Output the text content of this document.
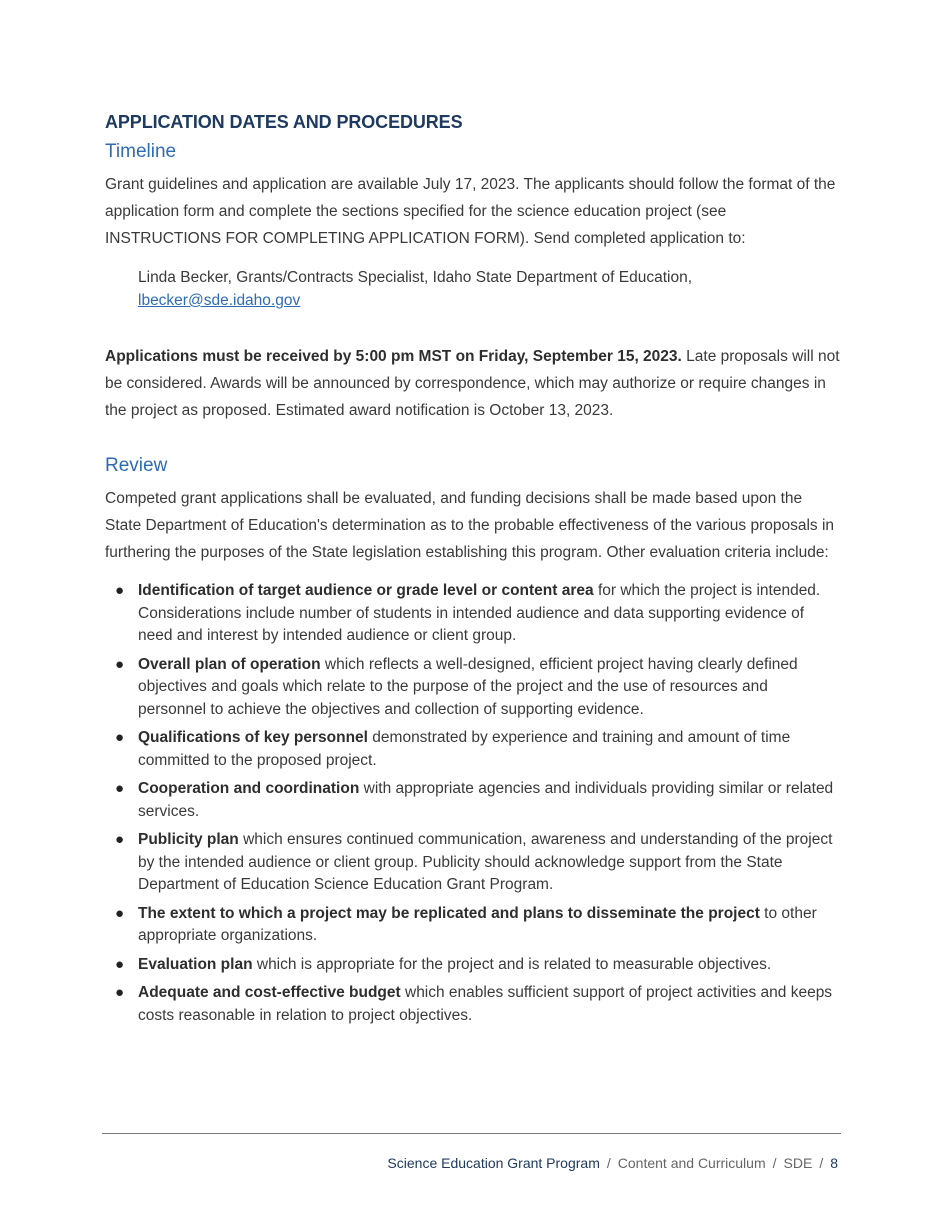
APPLICATION DATES AND PROCEDURES
Timeline

Grant guidelines and application are available July 17, 2023. The applicants should follow the format of the application form and complete the sections specified for the science education project (see INSTRUCTIONS FOR COMPLETING APPLICATION FORM). Send completed application to:

Linda Becker, Grants/Contracts Specialist, Idaho State Department of Education,
lbecker@sde.idaho.gov

Applications must be received by 5:00 pm MST on Friday, September 15, 2023. Late proposals will not be considered. Awards will be announced by correspondence, which may authorize or require changes in the project as proposed. Estimated award notification is October 13, 2023.

Review

Competed grant applications shall be evaluated, and funding decisions shall be made based upon the State Department of Education's determination as to the probable effectiveness of the various proposals in furthering the purposes of the State legislation establishing this program. Other evaluation criteria include:

● Identification of target audience or grade level or content area for which the project is intended. Considerations include number of students in intended audience and data supporting evidence of need and interest by intended audience or client group.
● Overall plan of operation which reflects a well-designed, efficient project having clearly defined objectives and goals which relate to the purpose of the project and the use of resources and personnel to achieve the objectives and collection of supporting evidence.
● Qualifications of key personnel demonstrated by experience and training and amount of time committed to the proposed project.
● Cooperation and coordination with appropriate agencies and individuals providing similar or related services.
● Publicity plan which ensures continued communication, awareness and understanding of the project by the intended audience or client group. Publicity should acknowledge support from the State Department of Education Science Education Grant Program.
● The extent to which a project may be replicated and plans to disseminate the project to other appropriate organizations.
● Evaluation plan which is appropriate for the project and is related to measurable objectives.
● Adequate and cost-effective budget which enables sufficient support of project activities and keeps costs reasonable in relation to project objectives.
Science Education Grant Program / Content and Curriculum / SDE / 8
